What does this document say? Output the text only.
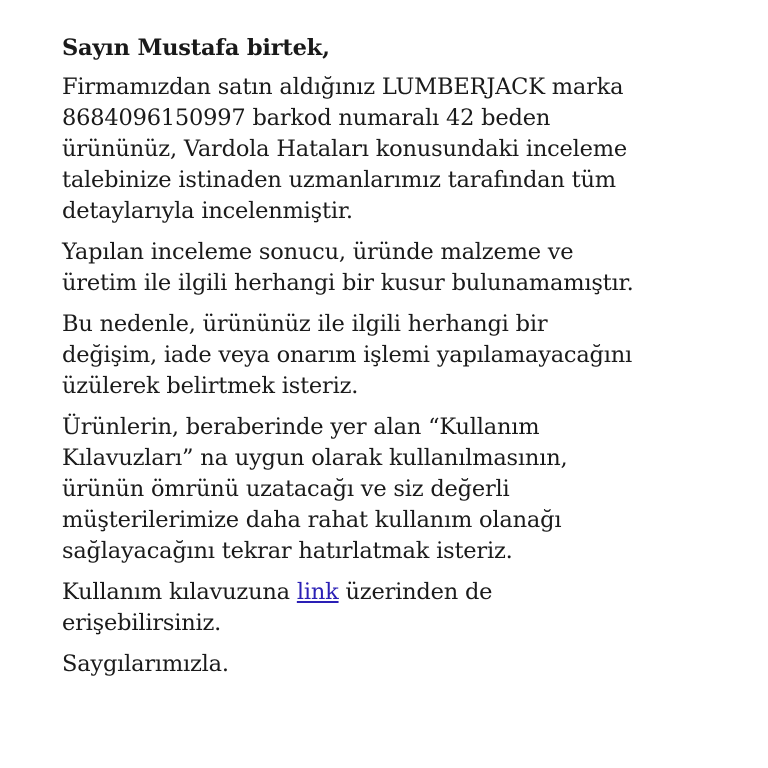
Sayın Mustafa birtek,

Firmamızdan satın aldığınız LUMBERJACK marka
8684096150997 barkod numaralı 42 beden
ürününüz, Vardola Hataları konusundaki inceleme
talebinize istinaden uzmanlarımız tarafından tüm
detaylarıyla incelenmiştir.

Yapılan inceleme sonucu, üründe malzeme ve
üretim ile ilgili herhangi bir kusur bulunamamıştır.

Bu nedenle, ürününüz ile ilgili herhangi bir
değişim, iade veya onarım işlemi yapılamayacağını
üzülerek belirtmek isteriz.

Ürünlerin, beraberinde yer alan “Kullanım
Kılavuzları” na uygun olarak kullanılmasının,
ürünün ömrünü uzatacağı ve siz değerli
müşterilerimize daha rahat kullanım olanağı
sağlayacağını tekrar hatırlatmak isteriz.

Kullanım kılavuzuna link üzerinden de
erişebilirsiniz.

Saygılarımızla.
